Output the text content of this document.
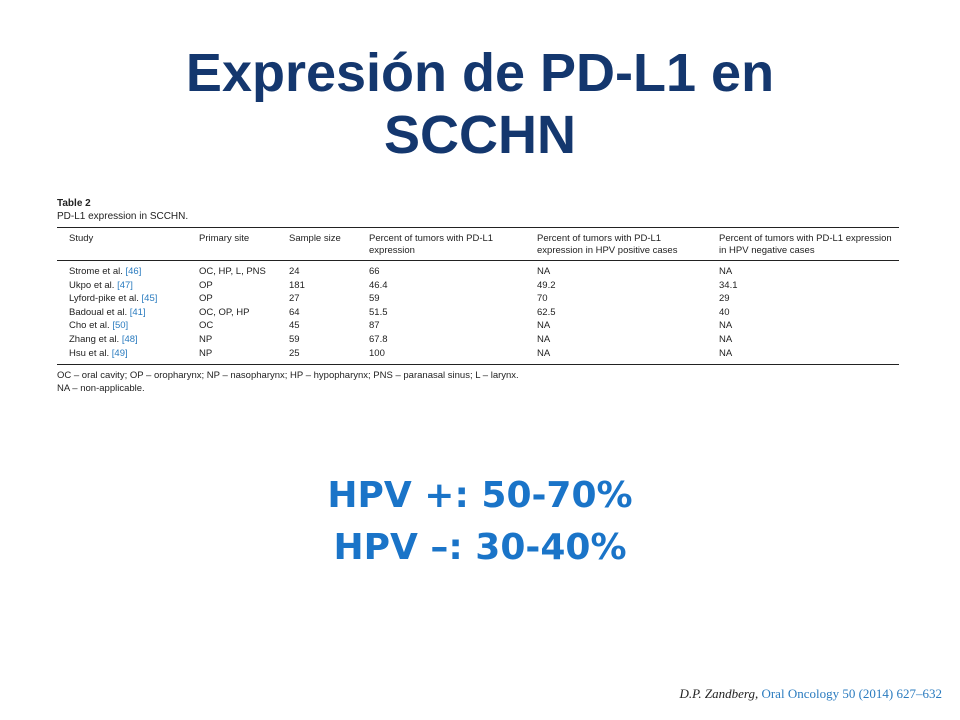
Expresión de PD-L1 en
SCCHN
Table 2
PD-L1 expression in SCCHN.
Study	Primary site	Sample size	Percent of tumors with PD-L1 expression	Percent of tumors with PD-L1 expression in HPV positive cases	Percent of tumors with PD-L1 expression in HPV negative cases
Strome et al. [46]	OC, HP, L, PNS	24	66	NA	NA
Ukpo et al. [47]	OP	181	46.4	49.2	34.1
Lyford-pike et al. [45]	OP	27	59	70	29
Badoual et al. [41]	OC, OP, HP	64	51.5	62.5	40
Cho et al. [50]	OC	45	87	NA	NA
Zhang et al. [48]	NP	59	67.8	NA	NA
Hsu et al. [49]	NP	25	100	NA	NA
OC – oral cavity; OP – oropharynx; NP – nasopharynx; HP – hypopharynx; PNS – paranasal sinus; L – larynx.
NA – non-applicable.
HPV +: 50-70%
HPV –: 30-40%
D.P. Zandberg, Oral Oncology 50 (2014) 627–632
